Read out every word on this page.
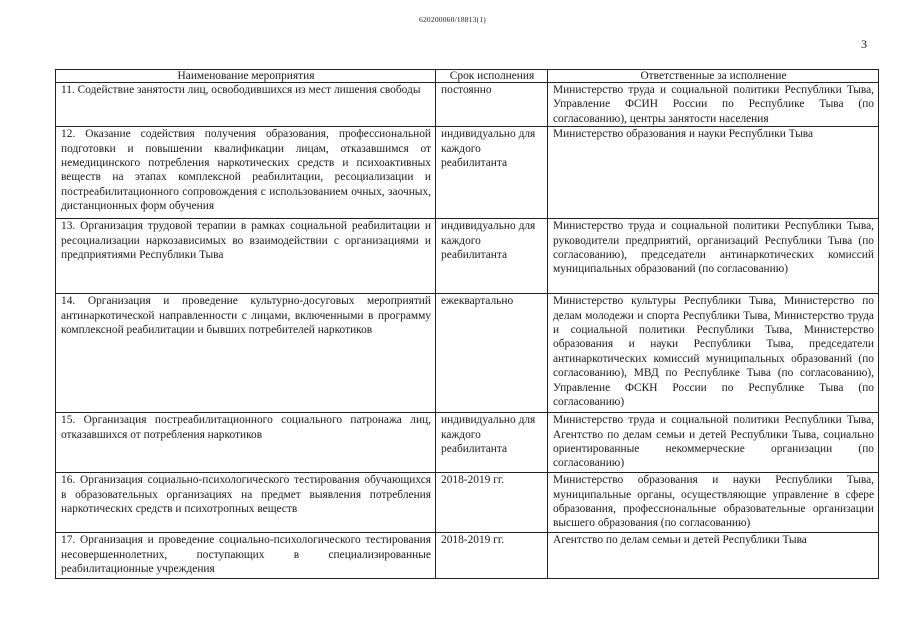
620200060/18813(1)
3
Наименование мероприятия	Срок исполнения	Ответственные за исполнение
11. Содействие занятости лиц, освободившихся из мест лишения свободы	постоянно	Министерство труда и социальной политики Республики Тыва, Управление ФСИН России по Республике Тыва (по согласованию), центры занятости населения
12. Оказание содействия получения образования, профессиональной подготовки и повышении квалификации лицам, отказавшимся от немедицинского потребления наркотических средств и психоактивных веществ на этапах комплексной реабилитации, ресоциализации и постреабилитационного сопровождения с использованием очных, заочных, дистанционных форм обучения	индивидуально для каждого реабилитанта	Министерство образования и науки Республики Тыва
13. Организация трудовой терапии в рамках социальной реабилитации и ресоциализации наркозависимых во взаимодействии с организациями и предприятиями Республики Тыва	индивидуально для каждого реабилитанта	Министерство труда и социальной политики Республики Тыва, руководители предприятий, организаций Республики Тыва (по согласованию), председатели антинаркотических комиссий муниципальных образований (по согласованию)
14. Организация и проведение культурно-досуговых мероприятий антинаркотической направленности с лицами, включенными в программу комплексной реабилитации и бывших потребителей наркотиков	ежеквартально	Министерство культуры Республики Тыва, Министерство по делам молодежи и спорта Республики Тыва, Министерство труда и социальной политики Республики Тыва, Министерство образования и науки Республики Тыва, председатели антинаркотических комиссий муниципальных образований (по согласованию), МВД по Республике Тыва (по согласованию), Управление ФСКН России по Республике Тыва (по согласованию)
15. Организация постреабилитационного социального патронажа лиц, отказавшихся от потребления наркотиков	индивидуально для каждого реабилитанта	Министерство труда и социальной политики Республики Тыва, Агентство по делам семьи и детей Республики Тыва, социально ориентированные некоммерческие организации (по согласованию)
16. Организация социально-психологического тестирования обучающихся в образовательных организациях на предмет выявления потребления наркотических средств и психотропных веществ	2018-2019 гг.	Министерство образования и науки Республики Тыва, муниципальные органы, осуществляющие управление в сфере образования, профессиональные образовательные организации высшего образования (по согласованию)
17. Организация и проведение социально-психологического тестирования несовершеннолетних, поступающих в специализированные реабилитационные учреждения	2018-2019 гг.	Агентство по делам семьи и детей Республики Тыва
